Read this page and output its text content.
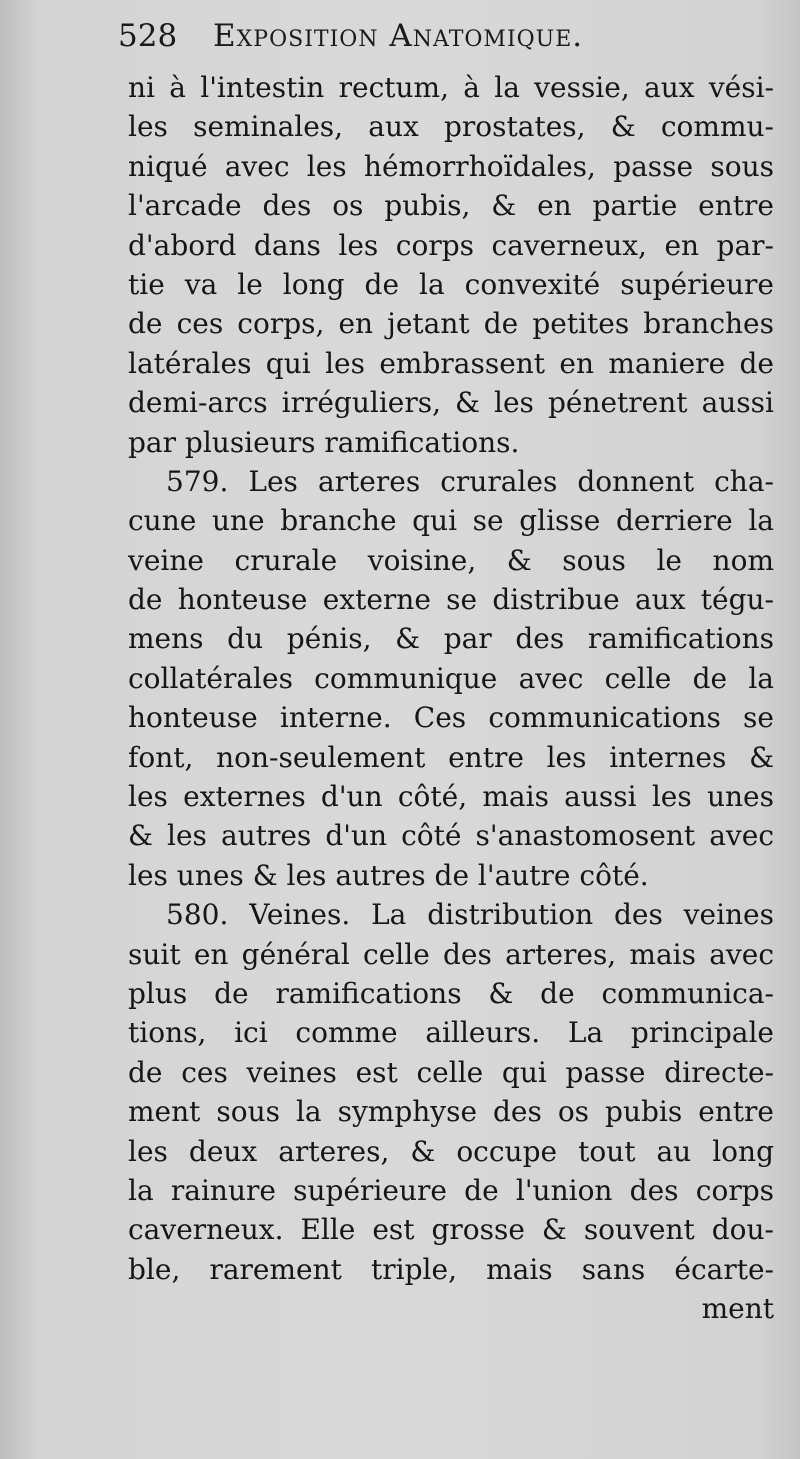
528 Exposition Anatomique.
ni à l'intestin rectum, à la vessie, aux vési-
les seminales, aux prostates, & commu-
niqué avec les hémorrhoïdales, passe sous
l'arcade des os pubis, & en partie entre
d'abord dans les corps caverneux, en par-
tie va le long de la convexité supérieure
de ces corps, en jetant de petites branches
latérales qui les embrassent en maniere de
demi-arcs irréguliers, & les pénetrent aussi
par plusieurs ramifications.
579. Les arteres crurales donnent cha-
cune une branche qui se glisse derriere la
veine crurale voisine, & sous le nom
de honteuse externe se distribue aux tégu-
mens du pénis, & par des ramifications
collatérales communique avec celle de la
honteuse interne. Ces communications se
font, non-seulement entre les internes &
les externes d'un côté, mais aussi les unes
& les autres d'un côté s'anastomosent avec
les unes & les autres de l'autre côté.
580. Veines. La distribution des veines
suit en général celle des arteres, mais avec
plus de ramifications & de communica-
tions, ici comme ailleurs. La principale
de ces veines est celle qui passe directe-
ment sous la symphyse des os pubis entre
les deux arteres, & occupe tout au long
la rainure supérieure de l'union des corps
caverneux. Elle est grosse & souvent dou-
ble, rarement triple, mais sans écarte-
ment
